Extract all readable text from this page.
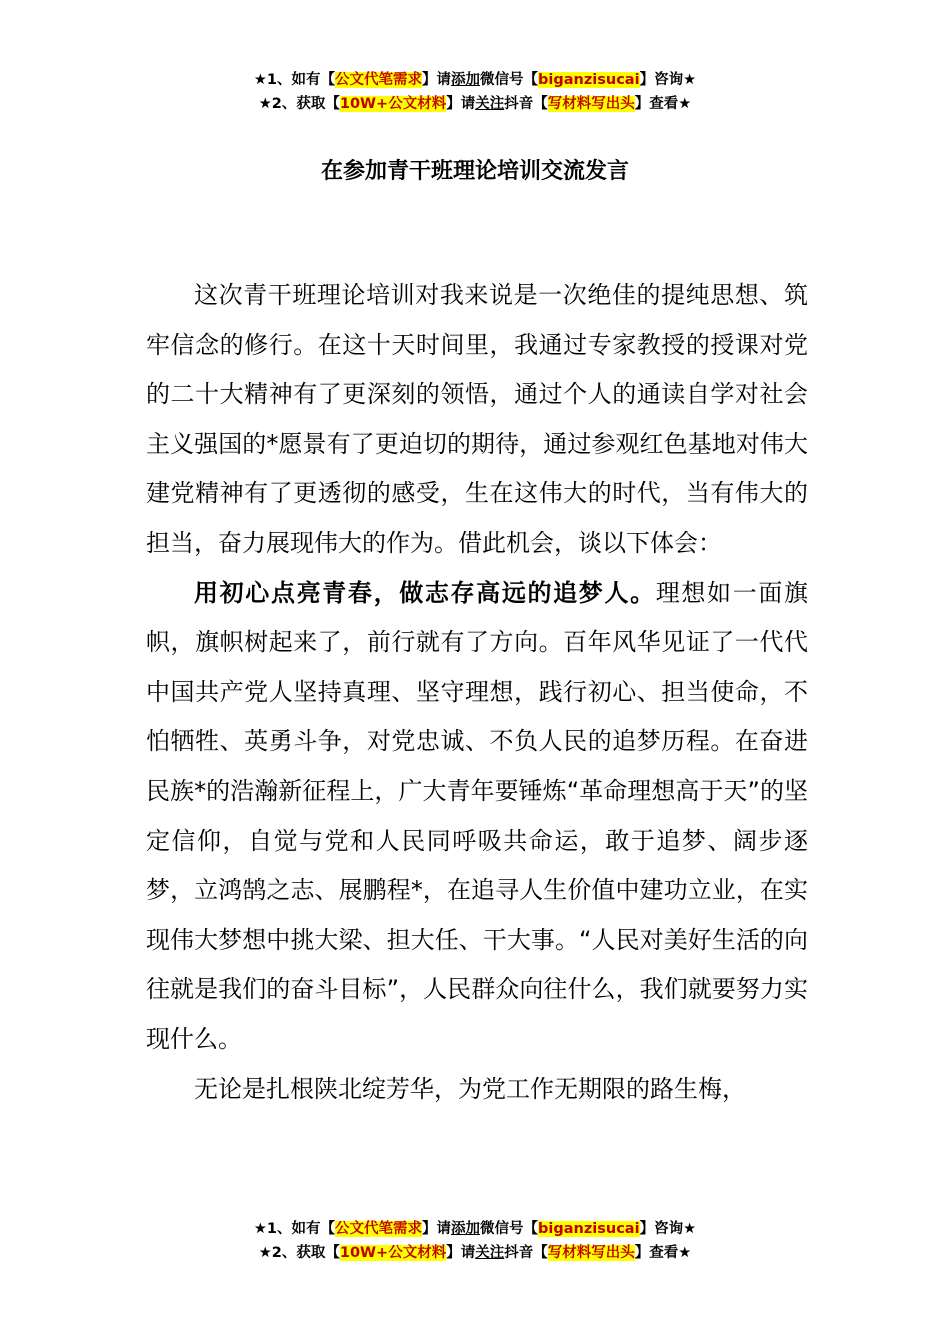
★1、如有【公文代笔需求】请添加微信号【biganzisucai】咨询★
★2、获取【10W+公文材料】请关注抖音【写材料写出头】查看★
在参加青干班理论培训交流发言

这次青干班理论培训对我来说是一次绝佳的提纯思想、筑牢信念的修行。在这十天时间里，我通过专家教授的授课对党的二十大精神有了更深刻的领悟，通过个人的通读自学对社会主义强国的*愿景有了更迫切的期待，通过参观红色基地对伟大建党精神有了更透彻的感受，生在这伟大的时代，当有伟大的担当，奋力展现伟大的作为。借此机会，谈以下体会：

用初心点亮青春，做志存高远的追梦人。理想如一面旗帜，旗帜树起来了，前行就有了方向。百年风华见证了一代代中国共产党人坚持真理、坚守理想，践行初心、担当使命，不怕牺牲、英勇斗争，对党忠诚、不负人民的追梦历程。在奋进民族*的浩瀚新征程上，广大青年要锤炼“革命理想高于天”的坚定信仰，自觉与党和人民同呼吸共命运，敢于追梦、阔步逐梦，立鸿鹄之志、展鹏程*，在追寻人生价值中建功立业，在实现伟大梦想中挑大梁、担大任、干大事。“人民对美好生活的向往就是我们的奋斗目标”，人民群众向往什么，我们就要努力实现什么。

无论是扎根陕北绽芳华，为党工作无期限的路生梅，

★1、如有【公文代笔需求】请添加微信号【biganzisucai】咨询★
★2、获取【10W+公文材料】请关注抖音【写材料写出头】查看★
